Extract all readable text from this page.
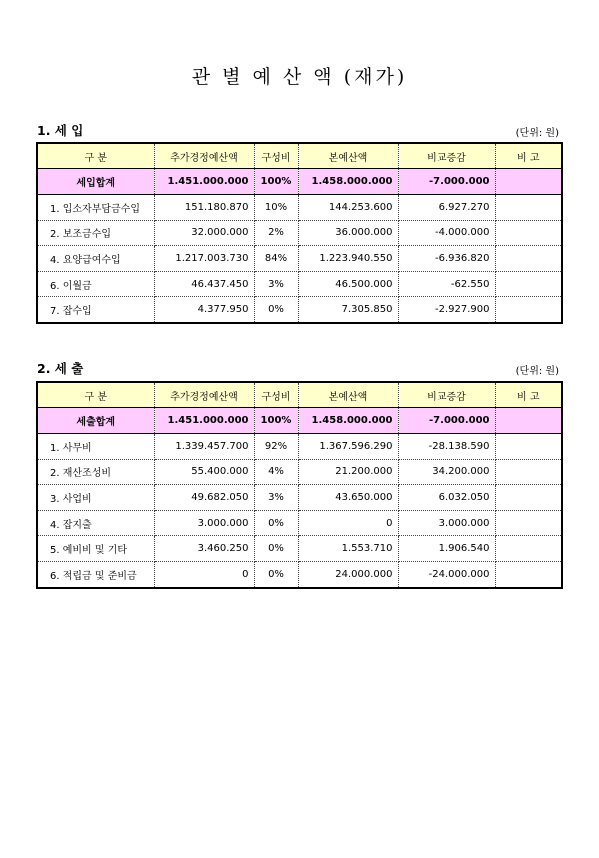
관 별 예 산 액 (재가)
1. 세 입	(단위: 원)
구 분	추가경정예산액	구성비	본예산액	비교증감	비 고
세입합계	1.451.000.000	100%	1.458.000.000	-7.000.000	
1. 입소자부담금수입	151.180.870	10%	144.253.600	6.927.270	
2. 보조금수입	32.000.000	2%	36.000.000	-4.000.000	
4. 요양급여수입	1.217.003.730	84%	1.223.940.550	-6.936.820	
6. 이월금	46.437.450	3%	46.500.000	-62.550	
7. 잡수입	4.377.950	0%	7.305.850	-2.927.900	
2. 세 출	(단위: 원)
구 분	추가경정예산액	구성비	본예산액	비교증감	비 고
세출합계	1.451.000.000	100%	1.458.000.000	-7.000.000	
1. 사무비	1.339.457.700	92%	1.367.596.290	-28.138.590	
2. 재산조성비	55.400.000	4%	21.200.000	34.200.000	
3. 사업비	49.682.050	3%	43.650.000	6.032.050	
4. 잡지출	3.000.000	0%	0	3.000.000	
5. 예비비 및 기타	3.460.250	0%	1.553.710	1.906.540	
6. 적립금 및 준비금	0	0%	24.000.000	-24.000.000	
